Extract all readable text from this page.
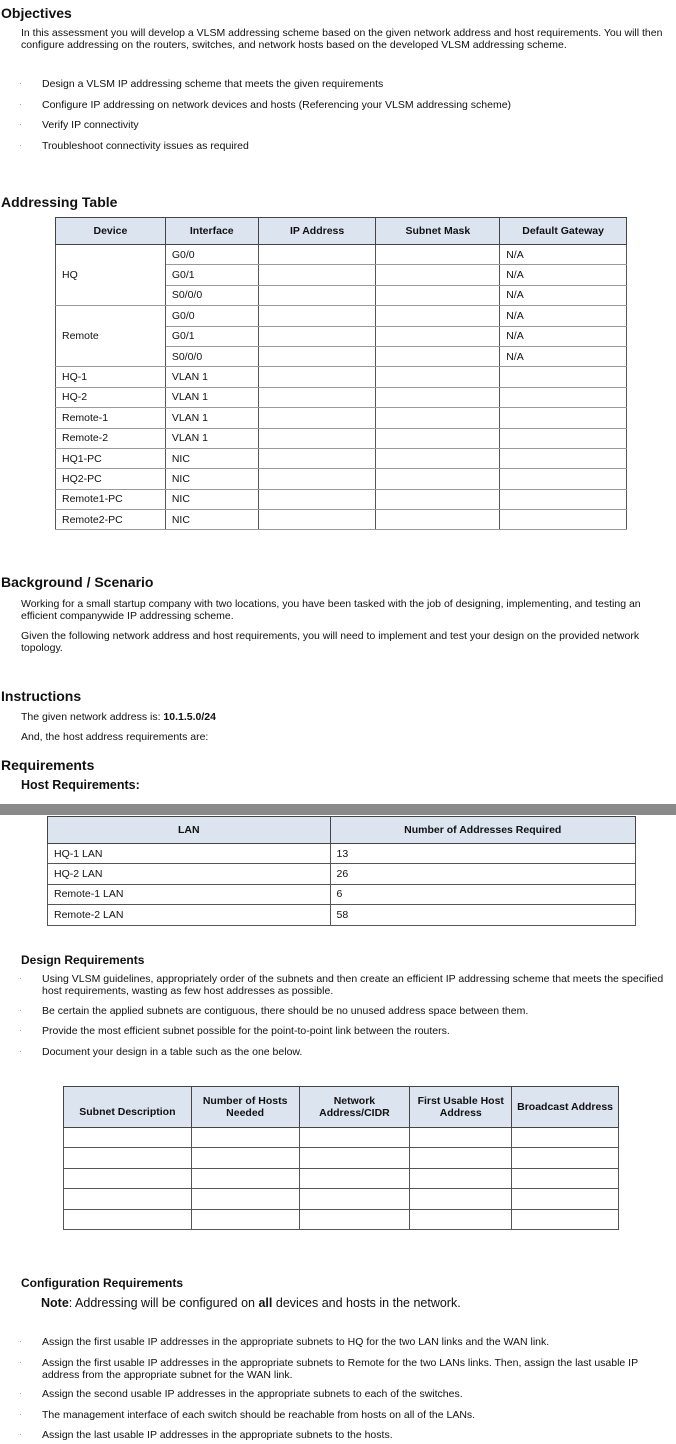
Objectives
In this assessment you will develop a VLSM addressing scheme based on the given network address and host requirements. You will then configure addressing on the routers, switches, and network hosts based on the developed VLSM addressing scheme.
· Design a VLSM IP addressing scheme that meets the given requirements
· Configure IP addressing on network devices and hosts (Referencing your VLSM addressing scheme)
· Verify IP connectivity
· Troubleshoot connectivity issues as required
Addressing Table
Device	Interface	IP Address	Subnet Mask	Default Gateway
HQ	G0/0			N/A
	G0/1			N/A
	S0/0/0			N/A
Remote	G0/0			N/A
	G0/1			N/A
	S0/0/0			N/A
HQ-1	VLAN 1			
HQ-2	VLAN 1			
Remote-1	VLAN 1			
Remote-2	VLAN 1			
HQ1-PC	NIC			
HQ2-PC	NIC			
Remote1-PC	NIC			
Remote2-PC	NIC			
Background / Scenario
Working for a small startup company with two locations, you have been tasked with the job of designing, implementing, and testing an efficient companywide IP addressing scheme.
Given the following network address and host requirements, you will need to implement and test your design on the provided network topology.
Instructions
The given network address is: 10.1.5.0/24
And, the host address requirements are:
Requirements
Host Requirements:
LAN	Number of Addresses Required
HQ-1 LAN	13
HQ-2 LAN	26
Remote-1 LAN	6
Remote-2 LAN	58
Design Requirements
· Using VLSM guidelines, appropriately order of the subnets and then create an efficient IP addressing scheme that meets the specified host requirements, wasting as few host addresses as possible.
· Be certain the applied subnets are contiguous, there should be no unused address space between them.
· Provide the most efficient subnet possible for the point-to-point link between the routers.
· Document your design in a table such as the one below.
Subnet Description	Number of Hosts Needed	Network Address/CIDR	First Usable Host Address	Broadcast Address

Configuration Requirements
Note: Addressing will be configured on all devices and hosts in the network.
· Assign the first usable IP addresses in the appropriate subnets to HQ for the two LAN links and the WAN link.
· Assign the first usable IP addresses in the appropriate subnets to Remote for the two LANs links. Then, assign the last usable IP address from the appropriate subnet for the WAN link.
· Assign the second usable IP addresses in the appropriate subnets to each of the switches.
· The management interface of each switch should be reachable from hosts on all of the LANs.
· Assign the last usable IP addresses in the appropriate subnets to the hosts.
